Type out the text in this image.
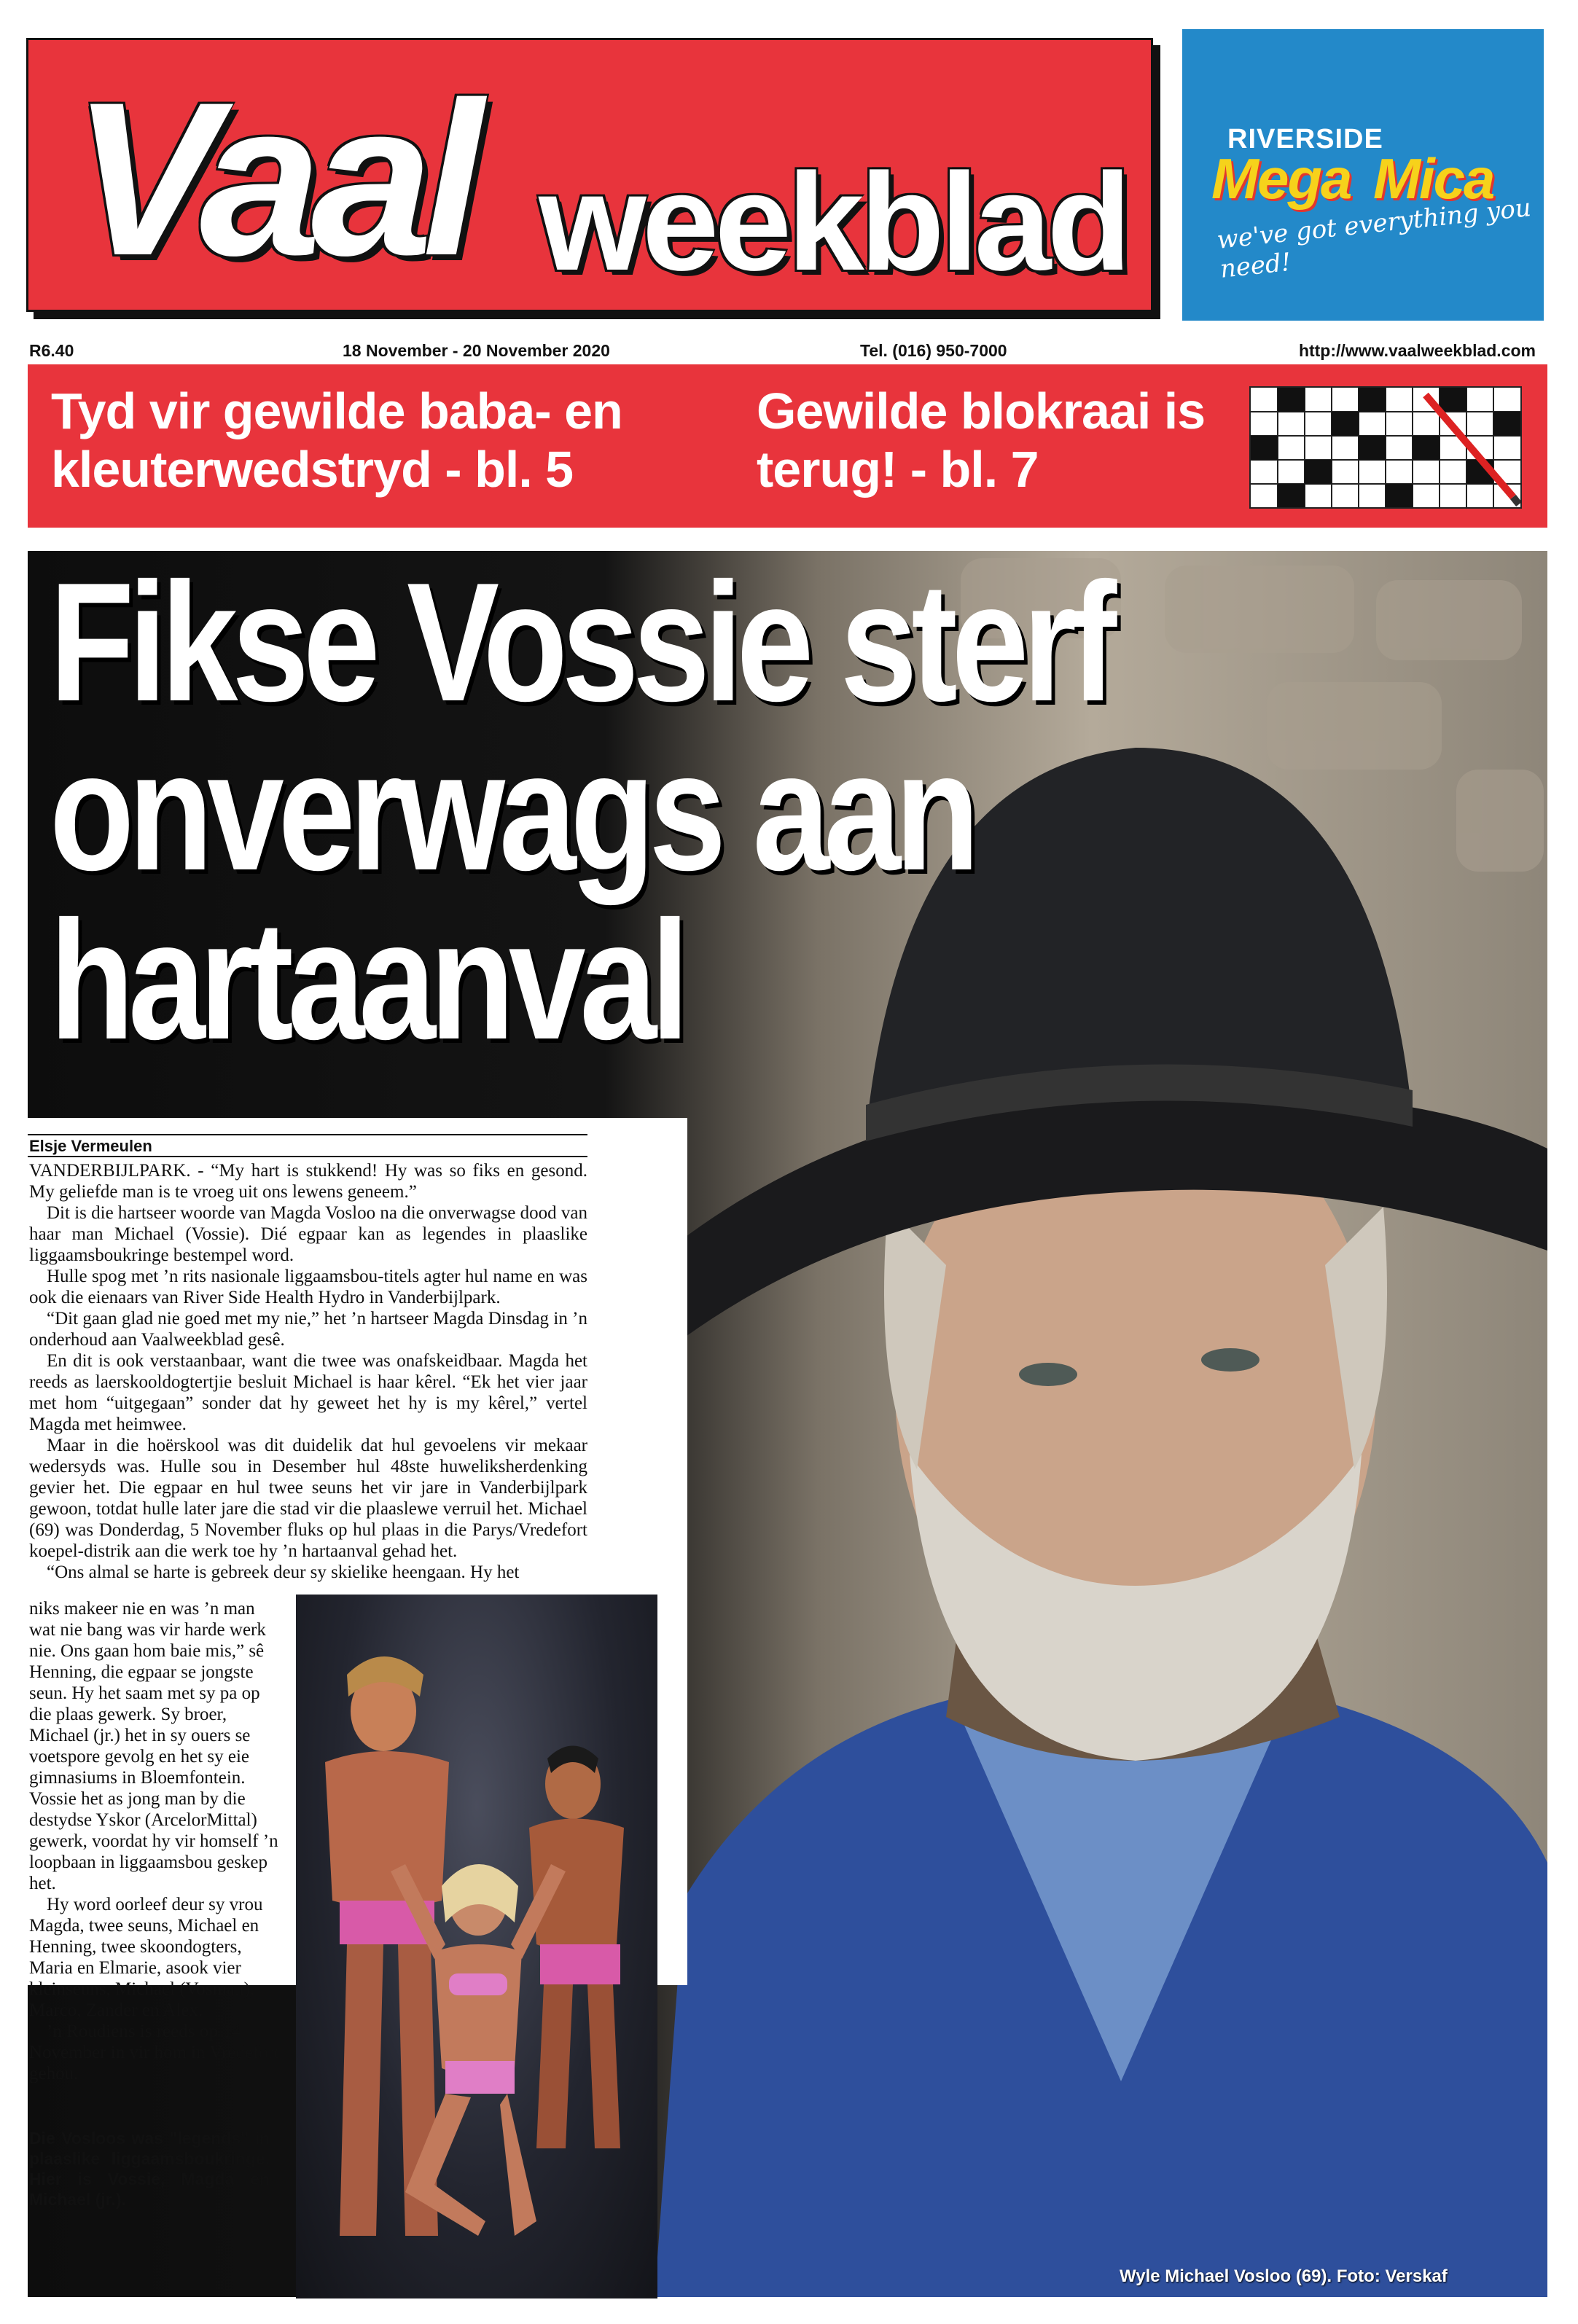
Vaal weekblad
RIVERSIDE
Mega Mica
we've got everything you need!
R6.40	18 November - 20 November 2020	Tel. (016) 950-7000	http://www.vaalweekblad.com
Tyd vir gewilde baba- en kleuterwedstryd - bl. 5
Gewilde blokraai is terug! - bl. 7
Fikse Vossie sterf onverwags aan hartaanval
Wyle Michael Vosloo (69). Foto: Verskaf
Elsje Vermeulen

VANDERBIJLPARK. - “My hart is stukkend! Hy was so fiks en gesond. My geliefde man is te vroeg uit ons lewens geneem.”

Dit is die hartseer woorde van Magda Vosloo na die onverwagse dood van haar man Michael (Vossie). Dié egpaar kan as legendes in plaaslike liggaamsboukringe bestempel word.

Hulle spog met ’n rits nasionale liggaamsbou-titels agter hul name en was ook die eienaars van River Side Health Hydro in Vanderbijlpark.

“Dit gaan glad nie goed met my nie,” het ’n hartseer Magda Dinsdag in ’n onderhoud aan Vaalweekblad gesê.

En dit is ook verstaanbaar, want die twee was onafskeidbaar. Magda het reeds as laerskooldogtertjie besluit Michael is haar kêrel. “Ek het vier jaar met hom “uitgegaan” sonder dat hy geweet het hy is my kêrel,” vertel Magda met heimwee.

Maar in die hoërskool was dit duidelik dat hul gevoelens vir mekaar wedersyds was. Hulle sou in Desember hul 48ste huweliksherdenking gevier het. Die egpaar en hul twee seuns het vir jare in Vanderbijlpark gewoon, totdat hulle later jare die stad vir die plaaslewe verruil het. Michael (69) was Donderdag, 5 November fluks op hul plaas in die Parys/Vredefort koepel-distrik aan die werk toe hy ’n hartaanval gehad het.

“Ons almal se harte is gebreek deur sy skielike heengaan. Hy het

niks makeer nie en was ’n man wat nie bang was vir harde werk nie. Ons gaan hom baie mis,” sê Henning, die egpaar se jongste seun. Hy het saam met sy pa op die plaas gewerk. Sy broer, Michael (jr.) het in sy ouers se voetspore gevolg en het sy eie gimnasiums in Bloemfontein. Vossie het as jong man by die destydse Yskor (ArcelorMittal) gewerk, voordat hy vir homself ’n loopbaan in liggaamsbou geskep het.

Hy word oorleef deur sy vrou Magda, twee seuns, Michael en Henning, twee skoondogters, Maria en Elmarie, asook vier kleinseuns, Michael (Vosman), Marco, Zander en Alex.

’n Roudiens is reeds op 14 November in vir hom in Vredefort gehou.

Die Vosloos was "legends" in plaaslike liggaamsboukringe. Hier is Vossie, Magda en Michael (jr.).
